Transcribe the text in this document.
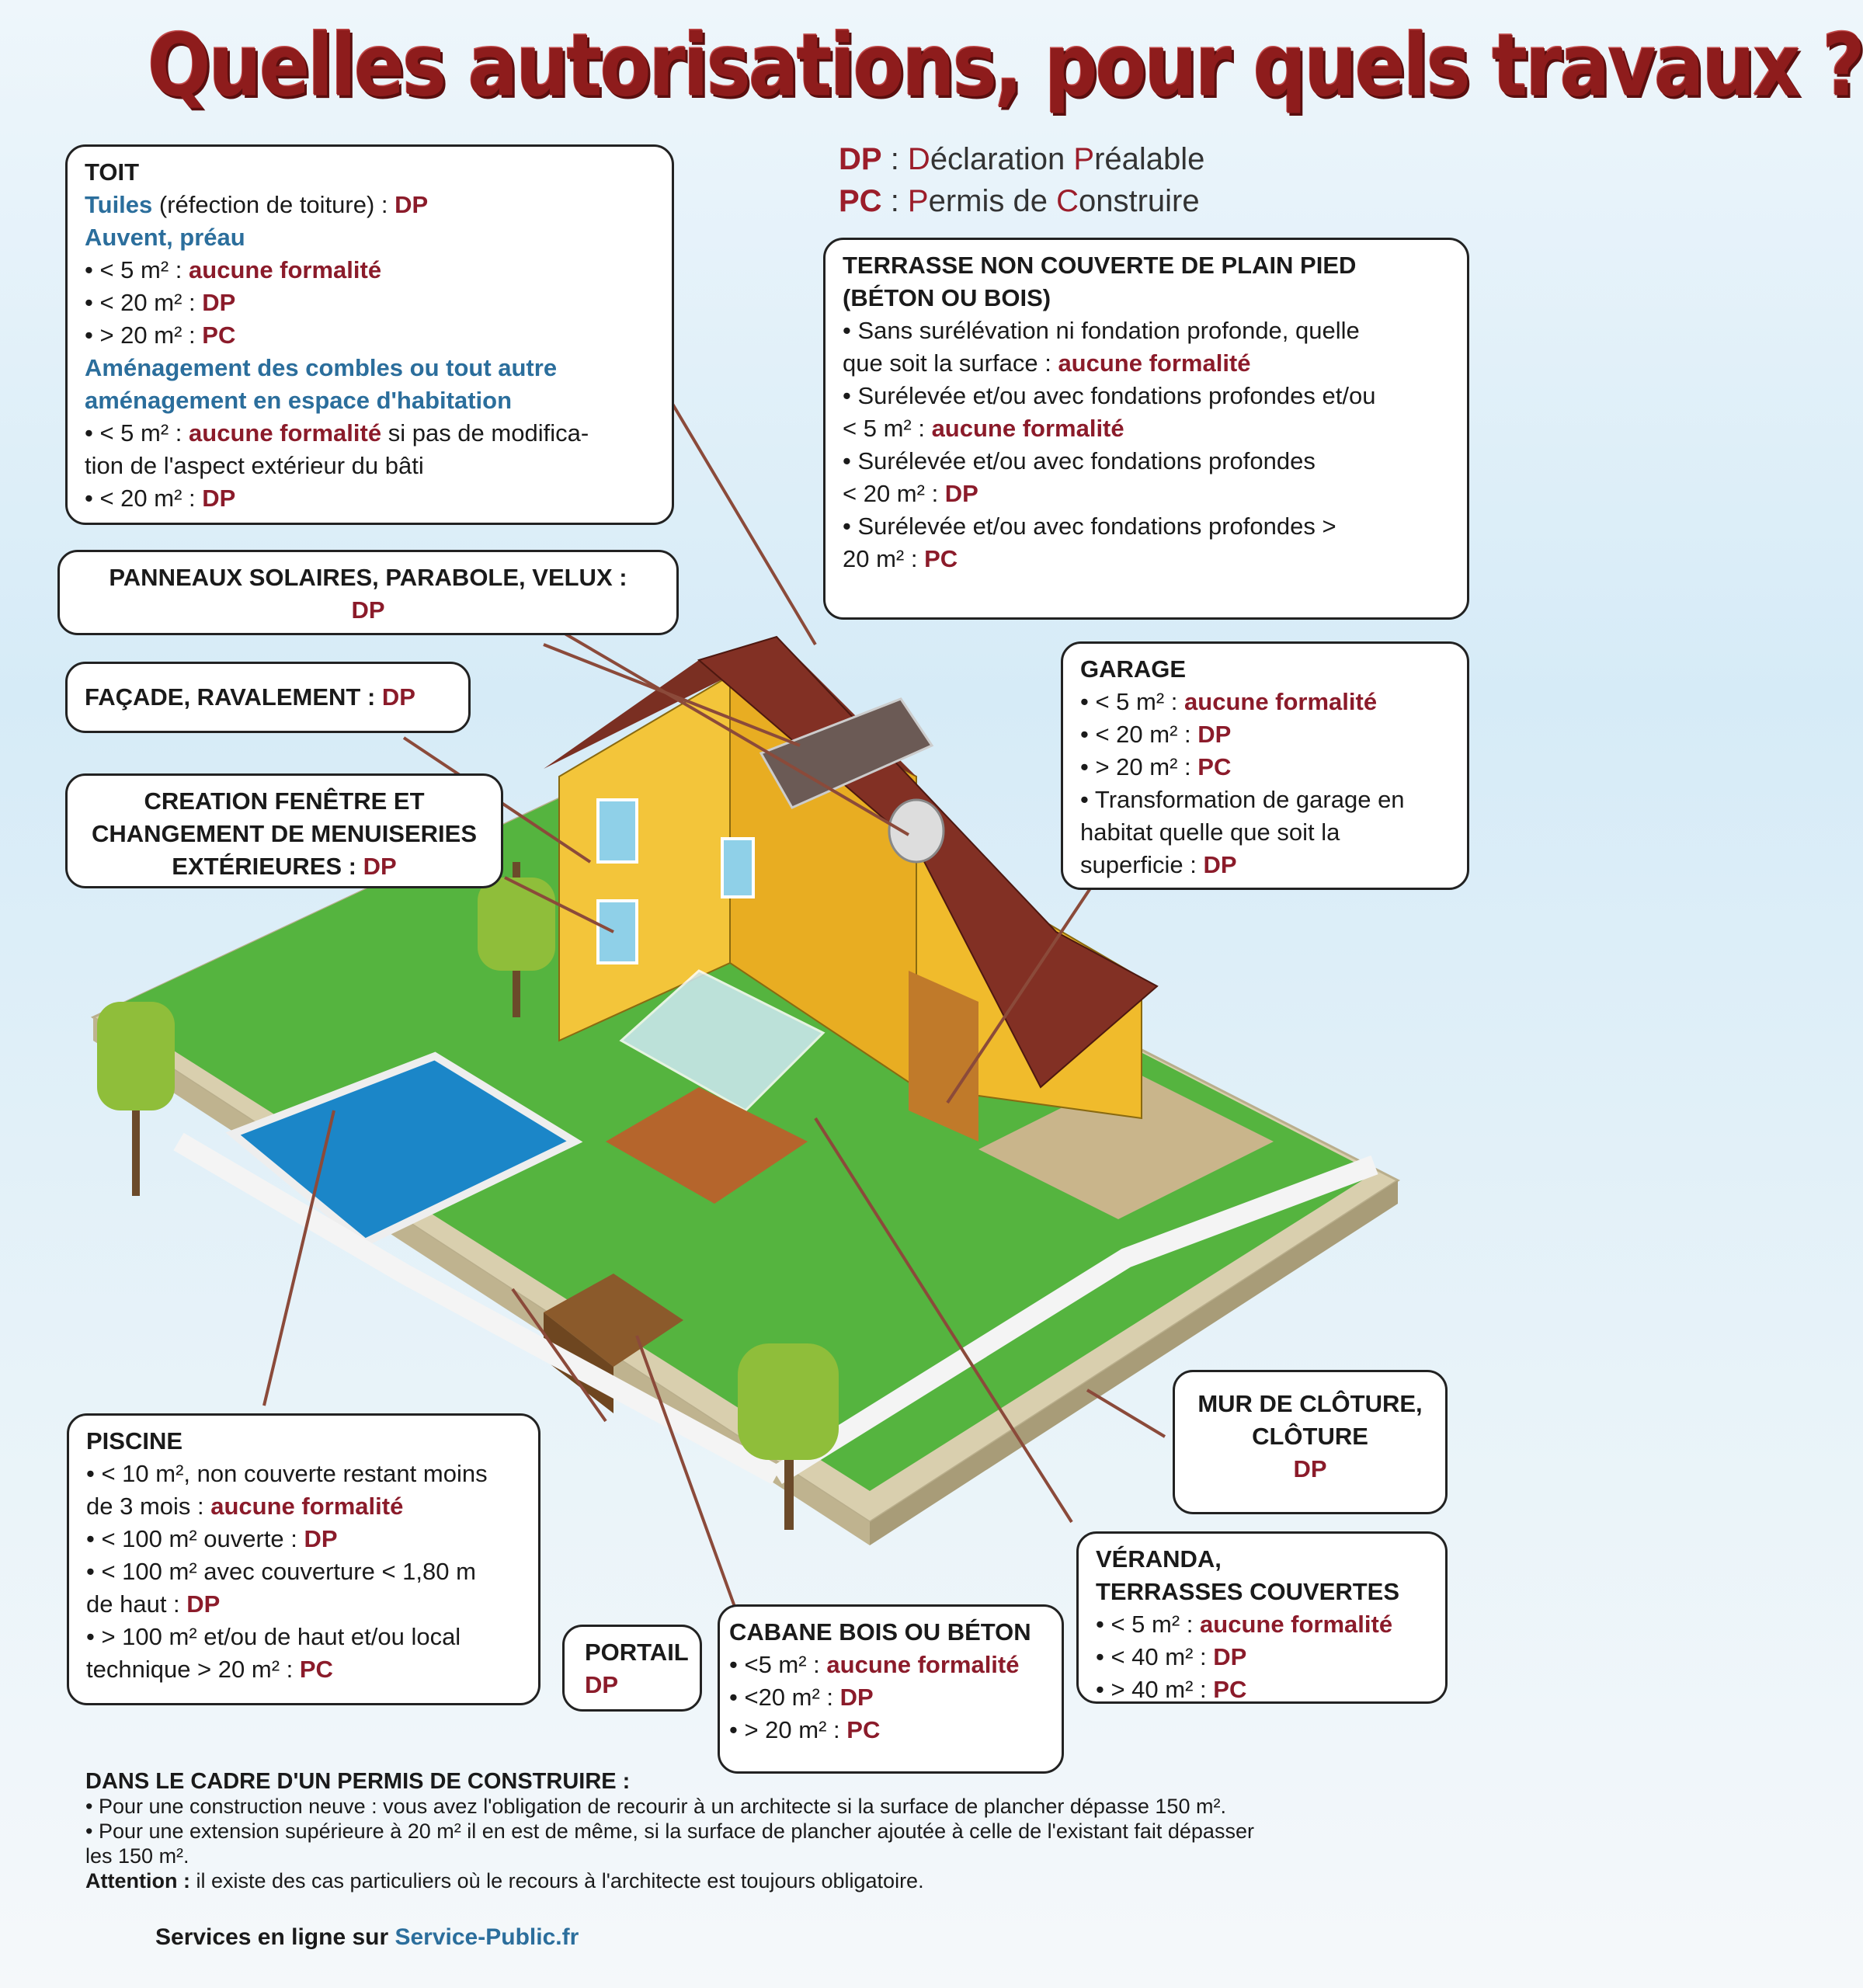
Quelles autorisations, pour quels travaux ?
DP : Déclaration Préalable
PC : Permis de Construire
TOIT
Tuiles (réfection de toiture) : DP
Auvent, préau
• < 5 m² : aucune formalité
• < 20 m² : DP
• > 20 m² : PC
Aménagement des combles ou tout autre
aménagement en espace d'habitation
• < 5 m² : aucune formalité si pas de modifica-
tion de l'aspect extérieur du bâti
• < 20 m² : DP
PANNEAUX SOLAIRES, PARABOLE, VELUX :
DP
FAÇADE, RAVALEMENT : DP
CREATION FENÊTRE ET
CHANGEMENT DE MENUISERIES
EXTÉRIEURES : DP
TERRASSE NON COUVERTE DE PLAIN PIED
(BÉTON OU BOIS)
• Sans surélévation ni fondation profonde, quelle
que soit la surface : aucune formalité
• Surélevée et/ou avec fondations profondes et/ou
< 5 m² : aucune formalité
• Surélevée et/ou avec fondations profondes
< 20 m² : DP
• Surélevée et/ou avec fondations profondes >
20 m² : PC
GARAGE
• < 5 m² : aucune formalité
• < 20 m² : DP
• > 20 m² : PC
• Transformation de garage en
habitat quelle que soit la
superficie : DP
PISCINE
• < 10 m², non couverte restant moins
de 3 mois : aucune formalité
• < 100 m² ouverte : DP
• < 100 m² avec couverture < 1,80 m
de haut : DP
• > 100 m² et/ou de haut et/ou local
technique > 20 m² : PC
PORTAIL
DP
CABANE BOIS OU BÉTON
• <5 m² : aucune formalité
• <20 m² : DP
• > 20 m² : PC
MUR DE CLÔTURE,
CLÔTURE
DP
VÉRANDA,
TERRASSES COUVERTES
• < 5 m² : aucune formalité
• < 40 m² : DP
• > 40 m² : PC
DANS LE CADRE D'UN PERMIS DE CONSTRUIRE :
• Pour une construction neuve : vous avez l'obligation de recourir à un architecte si la surface de plancher dépasse 150 m².
• Pour une extension supérieure à 20 m² il en est de même, si la surface de plancher ajoutée à celle de l'existant fait dépasser
les 150 m².
Attention : il existe des cas particuliers où le recours à l'architecte est toujours obligatoire.
Services en ligne sur Service-Public.fr
